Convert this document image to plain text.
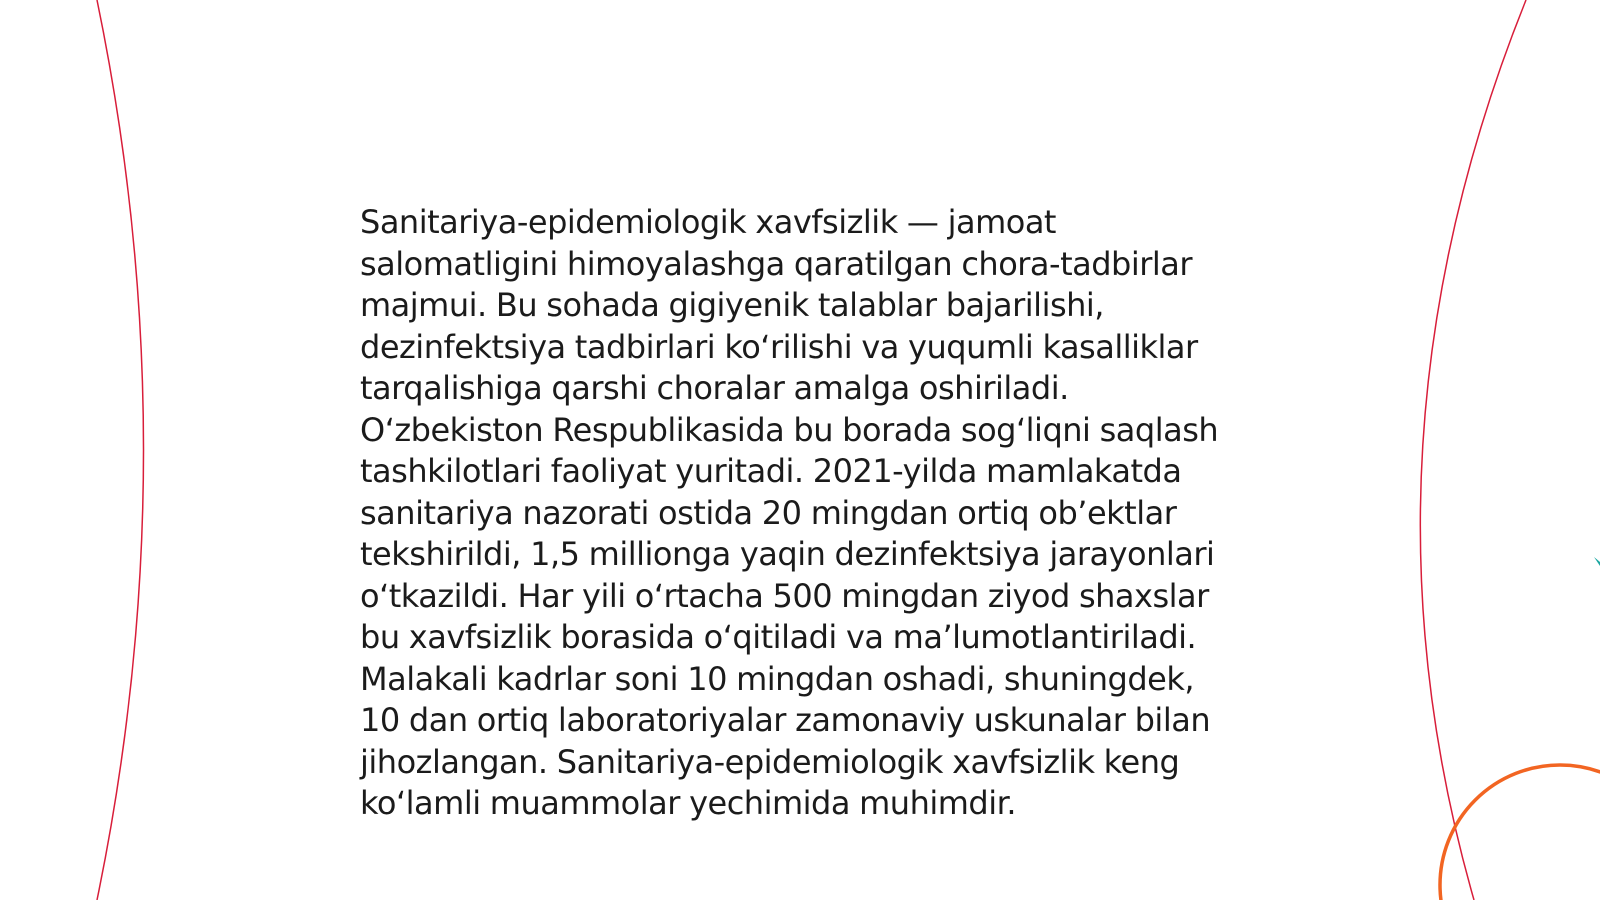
Sanitariya-epidemiologik xavfsizlik — jamoat salomatligini himoyalashga qaratilgan chora-tadbirlar majmui. Bu sohada gigiyenik talablar bajarilishi, dezinfektsiya tadbirlari koʻrilishi va yuqumli kasalliklar tarqalishiga qarshi choralar amalga oshiriladi. Oʻzbekiston Respublikasida bu borada sogʻliqni saqlash tashkilotlari faoliyat yuritadi. 2021-yilda mamlakatda sanitariya nazorati ostida 20 mingdan ortiq obʼektlar tekshirildi, 1,5 millionga yaqin dezinfektsiya jarayonlari oʻtkazildi. Har yili oʻrtacha 500 mingdan ziyod shaxslar bu xavfsizlik borasida oʻqitiladi va maʼlumotlantiriladi. Malakali kadrlar soni 10 mingdan oshadi, shuningdek, 10 dan ortiq laboratoriyalar zamonaviy uskunalar bilan jihozlangan. Sanitariya-epidemiologik xavfsizlik keng koʻlamli muammolar yechimida muhimdir.
